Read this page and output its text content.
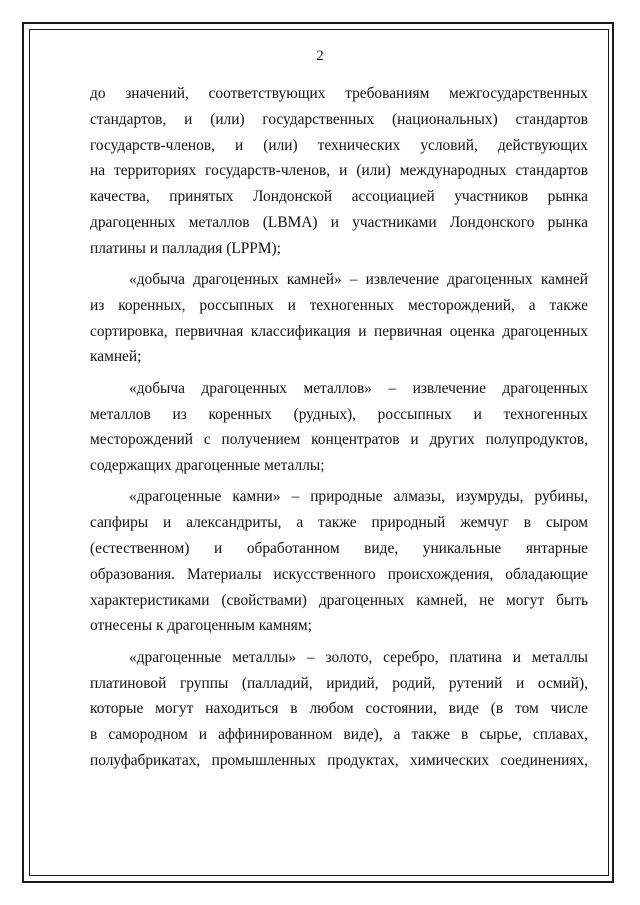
2
до значений, соответствующих требованиям межгосударственных
стандартов, и (или) государственных (национальных) стандартов
государств-членов, и (или) технических условий, действующих
на территориях государств-членов, и (или) международных стандартов
качества, принятых Лондонской ассоциацией участников рынка
драгоценных металлов (LBMA) и участниками Лондонского рынка
платины и палладия (LPPM);
«добыча драгоценных камней» – извлечение драгоценных камней
из коренных, россыпных и техногенных месторождений, а также
сортировка, первичная классификация и первичная оценка драгоценных
камней;
«добыча драгоценных металлов» – извлечение драгоценных
металлов из коренных (рудных), россыпных и техногенных
месторождений с получением концентратов и других полупродуктов,
содержащих драгоценные металлы;
«драгоценные камни» – природные алмазы, изумруды, рубины,
сапфиры и александриты, а также природный жемчуг в сыром
(естественном) и обработанном виде, уникальные янтарные
образования. Материалы искусственного происхождения, обладающие
характеристиками (свойствами) драгоценных камней, не могут быть
отнесены к драгоценным камням;
«драгоценные металлы» – золото, серебро, платина и металлы
платиновой группы (палладий, иридий, родий, рутений и осмий),
которые могут находиться в любом состоянии, виде (в том числе
в самородном и аффинированном виде), а также в сырье, сплавах,
полуфабрикатах, промышленных продуктах, химических соединениях,
